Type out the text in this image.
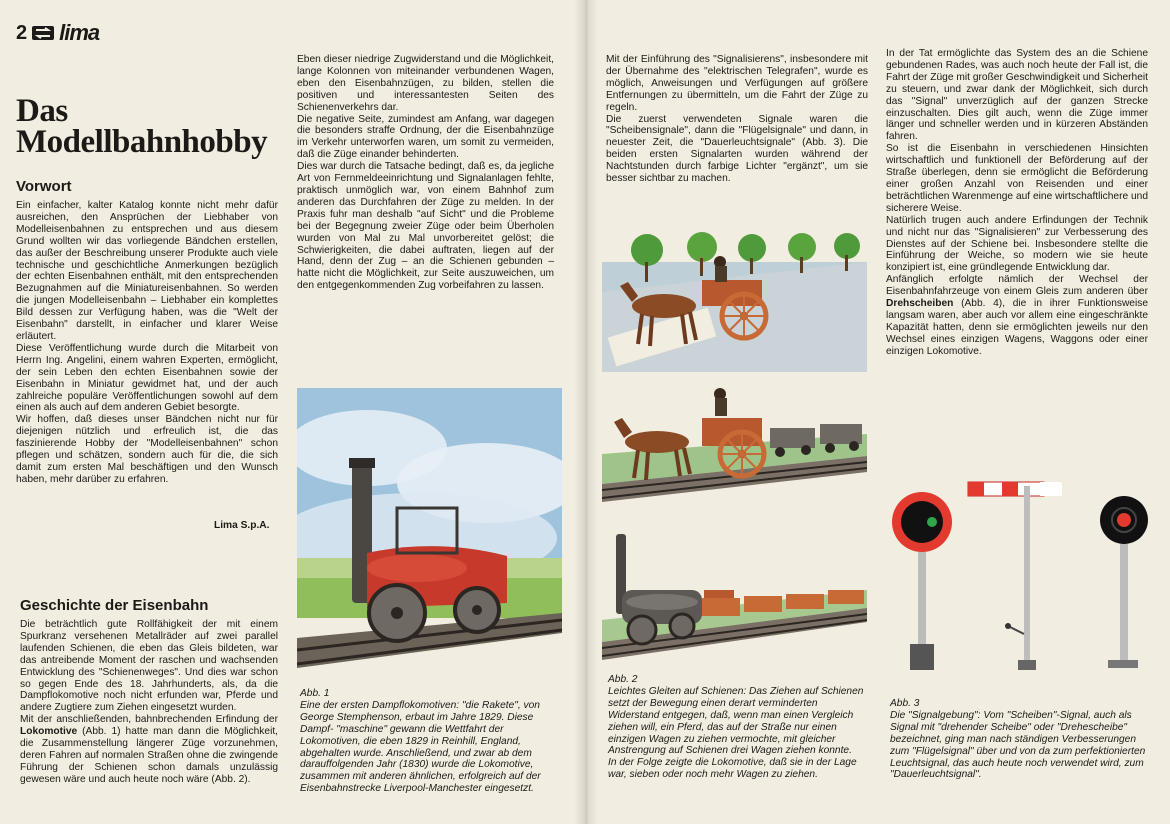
2 lima
Das
Modellbahnhobby
Vorwort

Ein einfacher, kalter Katalog konnte nicht mehr dafür ausreichen, den Ansprüchen der Liebhaber von Modelleisenbahnen zu entsprechen und aus diesem Grund wollten wir das vorliegende Bändchen erstellen, das außer der Beschreibung unserer Produkte auch viele technische und geschichtliche Anmerkungen bezüglich der echten Eisenbahnen enthält, mit den entsprechenden Bezugnahmen auf die Miniatureisenbahnen. So werden die jungen Modelleisenbahn – Liebhaber ein komplettes Bild dessen zur Verfügung haben, was die "Welt der Eisenbahn" darstellt, in einfacher und klarer Weise erläutert.

Diese Veröffentlichung wurde durch die Mitarbeit von Herrn Ing. Angelini, einem wahren Experten, ermöglicht, der sein Leben den echten Eisenbahnen sowie der Eisenbahn in Miniatur gewidmet hat, und der auch zahlreiche populäre Veröffentlichungen sowohl auf dem einen als auch auf dem anderen Gebiet besorgte.

Wir hoffen, daß dieses unser Bändchen nicht nur für diejenigen nützlich und erfreulich ist, die das faszinierende Hobby der "Modelleisenbahnen" schon pflegen und schätzen, sondern auch für die, die sich damit zum ersten Mal beschäftigen und den Wunsch haben, mehr darüber zu erfahren.

Lima S.p.A.
Geschichte der Eisenbahn

Die beträchtlich gute Rollfähigkeit der mit einem Spurkranz versehenen Metallräder auf zwei parallel laufenden Schienen, die eben das Gleis bildeten, war das antreibende Moment der raschen und wachsenden Entwicklung des "Schienenweges". Und dies war schon so gegen Ende des 18. Jahrhunderts, als, da die Dampflokomotive noch nicht erfunden war, Pferde und andere Zugtiere zum Ziehen eingesetzt wurden.

Mit der anschließenden, bahnbrechenden Erfindung der Lokomotive (Abb. 1) hatte man dann die Möglichkeit, die Zusammenstellung längerer Züge vorzunehmen, deren Fahren auf normalen Straßen ohne die zwingende Führung der Schienen schon damals unzulässig gewesen wäre und auch heute noch wäre (Abb. 2).

Eben dieser niedrige Zugwiderstand und die Möglichkeit, lange Kolonnen von miteinander verbundenen Wagen, eben den Eisenbahnzügen, zu bilden, stellen die positiven und interessantesten Seiten des Schienenverkehrs dar.

Die negative Seite, zumindest am Anfang, war dagegen die besonders straffe Ordnung, der die Eisenbahnzüge im Verkehr unterworfen waren, um somit zu vermeiden, daß die Züge einander behinderten.

Dies war durch die Tatsache bedingt, daß es, da jegliche Art von Fernmeldeeinrichtung und Signalanlagen fehlte, praktisch unmöglich war, von einem Bahnhof zum anderen das Durchfahren der Züge zu melden. In der Praxis fuhr man deshalb "auf Sicht" und die Probleme bei der Begegnung zweier Züge oder beim Überholen wurden von Mal zu Mal unvorbereitet gelöst; die Schwierigkeiten, die dabei auftraten, liegen auf der Hand, denn der Zug – an die Schienen gebunden – hatte nicht die Möglichkeit, zur Seite auszuweichen, um den entgegenkommenden Zug vorbeifahren zu lassen.

Abb. 1
Eine der ersten Dampflokomotiven: "die Rakete", von George Stemphenson, erbaut im Jahre 1829. Diese Dampf- "maschine" gewann die Wettfahrt der Lokomotiven, die eben 1829 in Reinhill, England, abgehalten wurde. Anschließend, und zwar ab dem darauffolgenden Jahr (1830) wurde die Lokomotive, zusammen mit anderen ähnlichen, erfolgreich auf der Eisenbahnstrecke Liverpool-Manchester eingesetzt.

Mit der Einführung des "Signalisierens", insbesondere mit der Übernahme des "elektrischen Telegrafen", wurde es möglich, Anweisungen und Verfügungen auf größere Entfernungen zu übermitteln, um die Fahrt der Züge zu regeln.

Die zuerst verwendeten Signale waren die "Scheibensignale", dann die "Flügelsignale" und dann, in neuester Zeit, die "Dauerleuchtsignale" (Abb. 3). Die beiden ersten Signalarten wurden während der Nachtstunden durch farbige Lichter "ergänzt", um sie besser sichtbar zu machen.

Abb. 2
Leichtes Gleiten auf Schienen: Das Ziehen auf Schienen setzt der Bewegung einen derart verminderten Widerstand entgegen, daß, wenn man einen Vergleich ziehen will, ein Pferd, das auf der Straße nur einen einzigen Wagen zu ziehen vermochte, mit gleicher Anstrengung auf Schienen drei Wagen ziehen konnte.
In der Folge zeigte die Lokomotive, daß sie in der Lage war, sieben oder noch mehr Wagen zu ziehen.

In der Tat ermöglichte das System des an die Schiene gebundenen Rades, was auch noch heute der Fall ist, die Fahrt der Züge mit großer Geschwindigkeit und Sicherheit zu steuern, und zwar dank der Möglichkeit, sich durch das "Signal" unverzüglich auf der ganzen Strecke einzuschalten. Dies gilt auch, wenn die Züge immer länger und schneller werden und in kürzeren Abständen fahren.

So ist die Eisenbahn in verschiedenen Hinsichten wirtschaftlich und funktionell der Beförderung auf der Straße überlegen, denn sie ermöglicht die Beförderung einer großen Anzahl von Reisenden und einer beträchtlichen Warenmenge auf eine wirtschaftlichere und sicherere Weise.

Natürlich trugen auch andere Erfindungen der Technik und nicht nur das "Signalisieren" zur Verbesserung des Dienstes auf der Schiene bei. Insbesondere stellte die Einführung der Weiche, so modern wie sie heute konzipiert ist, eine gründlegende Entwicklung dar.

Anfänglich erfolgte nämlich der Wechsel der Eisenbahnfahrzeuge von einem Gleis zum anderen über Drehscheiben (Abb. 4), die in ihrer Funktionsweise langsam waren, aber auch vor allem eine eingeschränkte Kapazität hatten, denn sie ermöglichten jeweils nur den Wechsel eines einzigen Wagens, Waggons oder einer einzigen Lokomotive.

Abb. 3
Die "Signalgebung": Vom "Scheiben"-Signal, auch als Signal mit "drehender Scheibe" oder "Drehescheibe" bezeichnet, ging man nach ständigen Verbesserungen zum "Flügelsignal" über und von da zum perfektionierten Leuchtsignal, das auch heute noch verwendet wird, zum "Dauerleuchtsignal".
